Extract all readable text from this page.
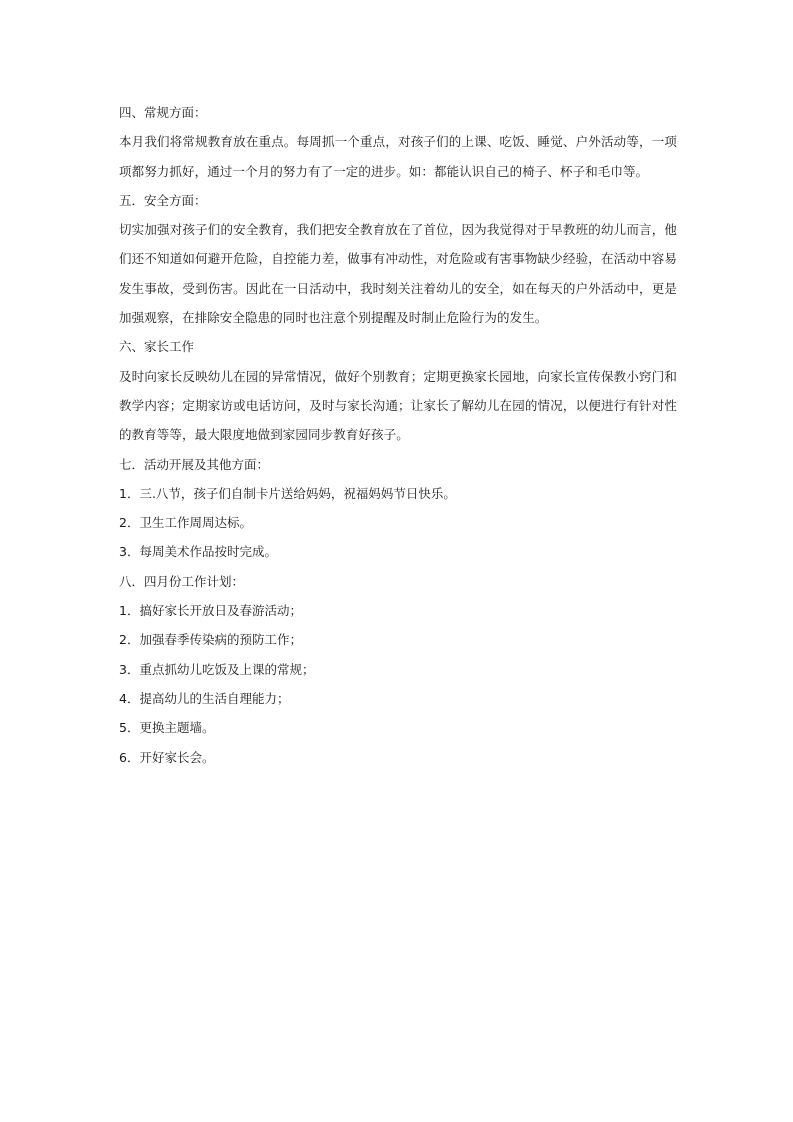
四、常规方面：
本月我们将常规教育放在重点。每周抓一个重点，对孩子们的上课、吃饭、睡觉、户外活动等，一项项都努力抓好，通过一个月的努力有了一定的进步。如：都能认识自己的椅子、杯子和毛巾等。
五．安全方面：
切实加强对孩子们的安全教育，我们把安全教育放在了首位，因为我觉得对于早教班的幼儿而言，他们还不知道如何避开危险，自控能力差，做事有冲动性，对危险或有害事物缺少经验，在活动中容易发生事故，受到伤害。因此在一日活动中，我时刻关注着幼儿的安全，如在每天的户外活动中，更是加强观察，在排除安全隐患的同时也注意个别提醒及时制止危险行为的发生。
六、家长工作
及时向家长反映幼儿在园的异常情况，做好个别教育；定期更换家长园地，向家长宣传保教小窍门和教学内容；定期家访或电话访问，及时与家长沟通；让家长了解幼儿在园的情况，以便进行有针对性的教育等等，最大限度地做到家园同步教育好孩子。
七．活动开展及其他方面：
1．三.八节，孩子们自制卡片送给妈妈，祝福妈妈节日快乐。
2．卫生工作周周达标。
3．每周美术作品按时完成。
八．四月份工作计划：
1．搞好家长开放日及春游活动；
2．加强春季传染病的预防工作；
3．重点抓幼儿吃饭及上课的常规；
4．提高幼儿的生活自理能力；
5．更换主题墙。
6．开好家长会。
